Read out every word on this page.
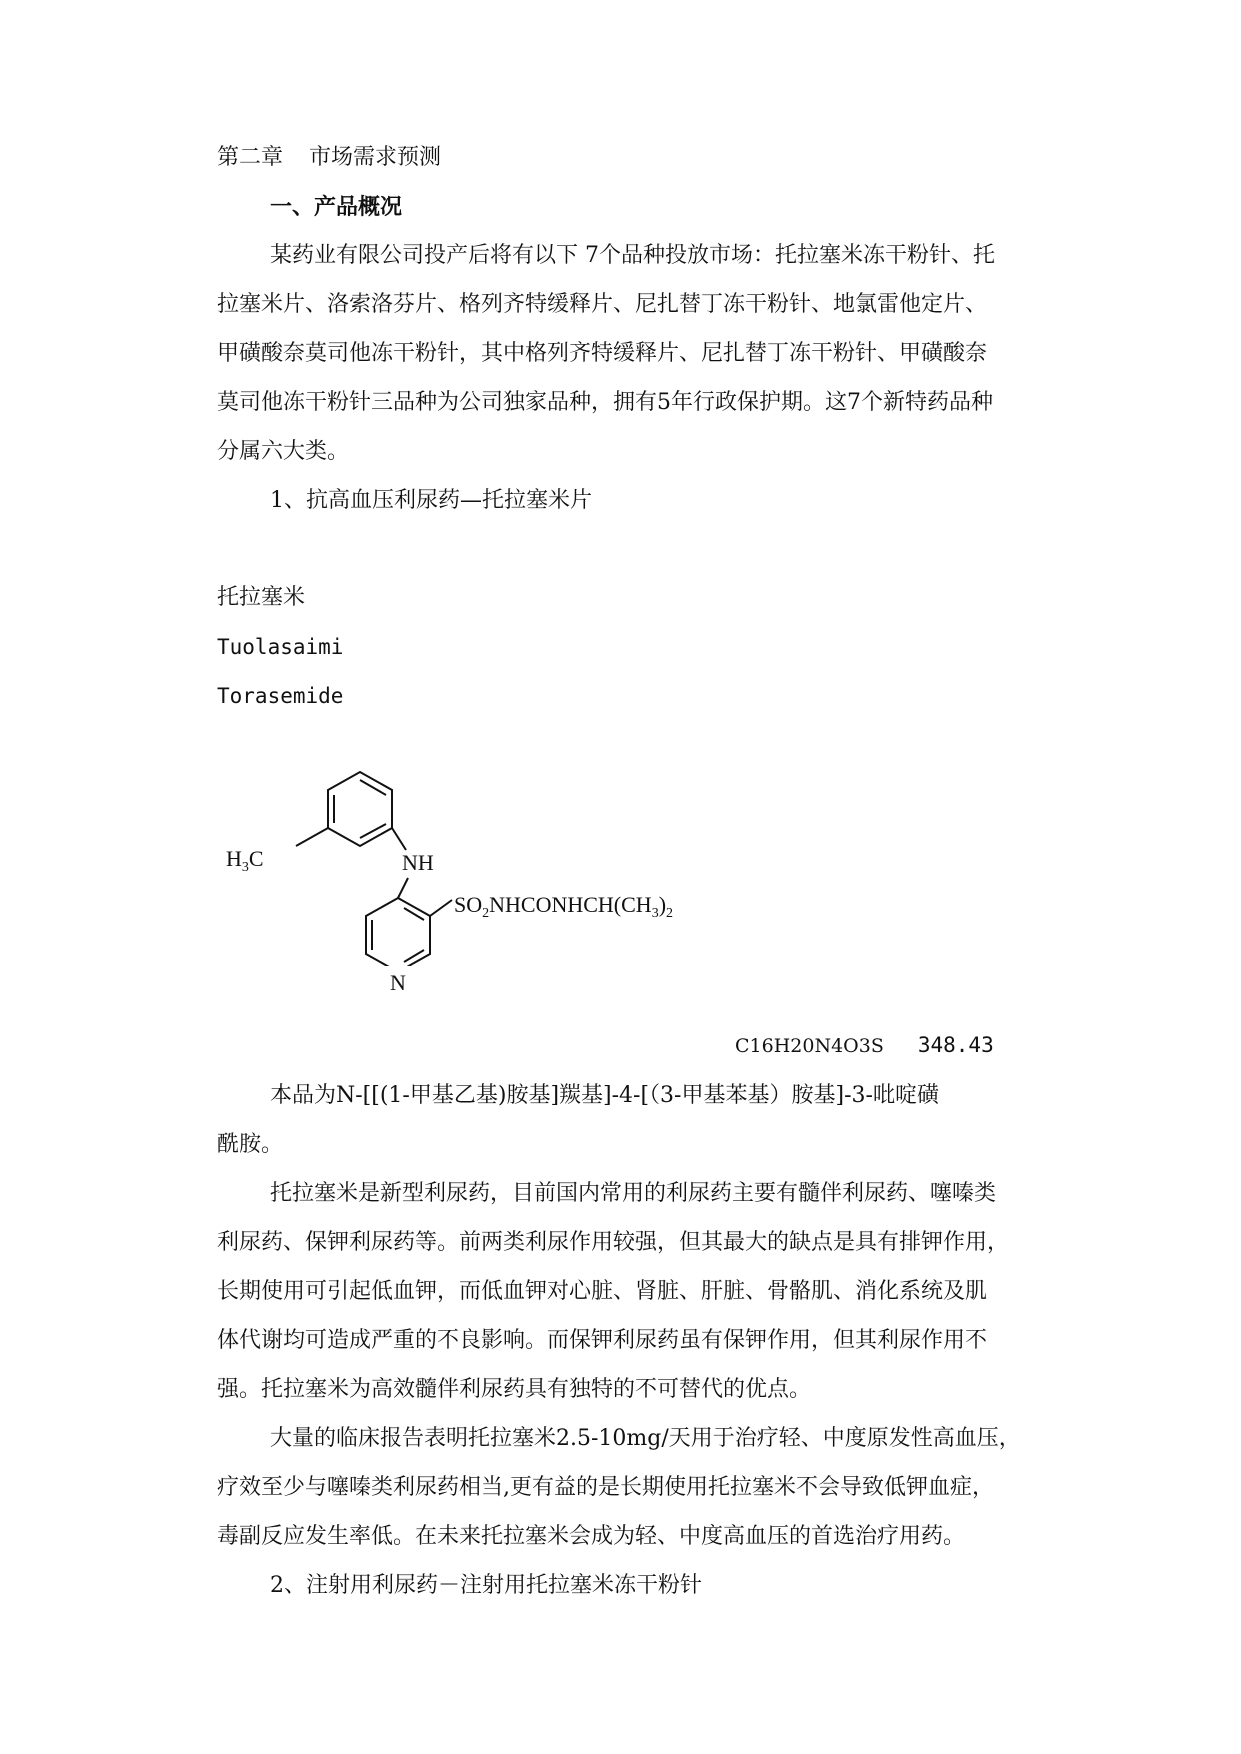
第二章 市场需求预测
一、产品概况
某药业有限公司投产后将有以下 7个品种投放市场：托拉塞米冻干粉针、托
拉塞米片、洛索洛芬片、格列齐特缓释片、尼扎替丁冻干粉针、地氯雷他定片、
甲磺酸奈莫司他冻干粉针，其中格列齐特缓释片、尼扎替丁冻干粉针、甲磺酸奈
莫司他冻干粉针三品种为公司独家品种，拥有5年行政保护期。这7个新特药品种
分属六大类。
1、抗高血压利尿药—托拉塞米片
托拉塞米
Tuolasaimi
Torasemide
$H_3C$	NH
N
$SO_2NHCONHCH(CH_3)_2$
C16H20N4O3S 348.43
本品为N-[[(1-甲基乙基)胺基]羰基]-4-[（3-甲基苯基）胺基]-3-吡啶磺
酰胺。
托拉塞米是新型利尿药，目前国内常用的利尿药主要有髓伴利尿药、噻嗪类
利尿药、保钾利尿药等。前两类利尿作用较强，但其最大的缺点是具有排钾作用，
长期使用可引起低血钾，而低血钾对心脏、肾脏、肝脏、骨骼肌、消化系统及肌
体代谢均可造成严重的不良影响。而保钾利尿药虽有保钾作用，但其利尿作用不
强。托拉塞米为高效髓伴利尿药具有独特的不可替代的优点。
大量的临床报告表明托拉塞米2.5-10mg/天用于治疗轻、中度原发性高血压，
疗效至少与噻嗪类利尿药相当,更有益的是长期使用托拉塞米不会导致低钾血症，
毒副反应发生率低。在未来托拉塞米会成为轻、中度高血压的首选治疗用药。
2、注射用利尿药－注射用托拉塞米冻干粉针
